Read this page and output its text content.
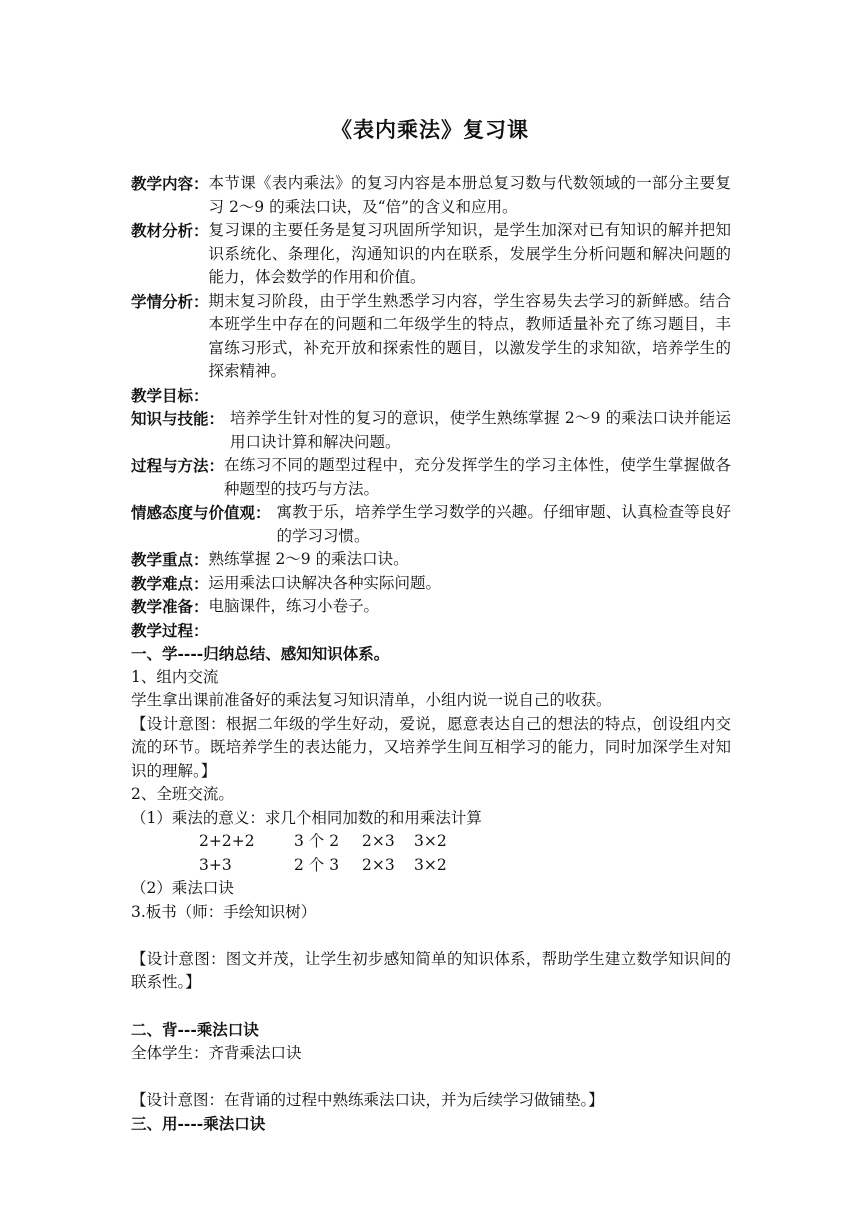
《表内乘法》复习课
教学内容： 本节课《表内乘法》的复习内容是本册总复习数与代数领域的一部分主要复习 2～9 的乘法口诀，及“倍”的含义和应用。
教材分析： 复习课的主要任务是复习巩固所学知识，是学生加深对已有知识的解并把知识系统化、条理化，沟通知识的内在联系，发展学生分析问题和解决问题的能力，体会数学的作用和价值。
学情分析： 期末复习阶段，由于学生熟悉学习内容，学生容易失去学习的新鲜感。结合本班学生中存在的问题和二年级学生的特点，教师适量补充了练习题目，丰富练习形式，补充开放和探索性的题目，以激发学生的求知欲，培养学生的探索精神。
教学目标：
知识与技能： 培养学生针对性的复习的意识，使学生熟练掌握 2～9 的乘法口诀并能运用口诀计算和解决问题。
过程与方法： 在练习不同的题型过程中，充分发挥学生的学习主体性，使学生掌握做各种题型的技巧与方法。
情感态度与价值观： 寓教于乐，培养学生学习数学的兴趣。仔细审题、认真检查等良好的学习习惯。
教学重点： 熟练掌握 2～9 的乘法口诀。
教学难点： 运用乘法口诀解决各种实际问题。
教学准备： 电脑课件，练习小卷子。
教学过程：
一、学----归纳总结、感知知识体系。
1、组内交流
学生拿出课前准备好的乘法复习知识清单，小组内说一说自己的收获。
【设计意图：根据二年级的学生好动，爱说，愿意表达自己的想法的特点，创设组内交流的环节。既培养学生的表达能力，又培养学生间互相学习的能力，同时加深学生对知识的理解。】
2、全班交流。
（1）乘法的意义：求几个相同加数的和用乘法计算
2+2+2	3 个 2	2×3	3×2
3+3	2 个 3	2×3	3×2
（2）乘法口诀
3.板书（师：手绘知识树）
【设计意图：图文并茂，让学生初步感知简单的知识体系，帮助学生建立数学知识间的联系性。】
二、背---乘法口诀
全体学生：齐背乘法口诀
【设计意图：在背诵的过程中熟练乘法口诀，并为后续学习做铺垫。】
三、用----乘法口诀
